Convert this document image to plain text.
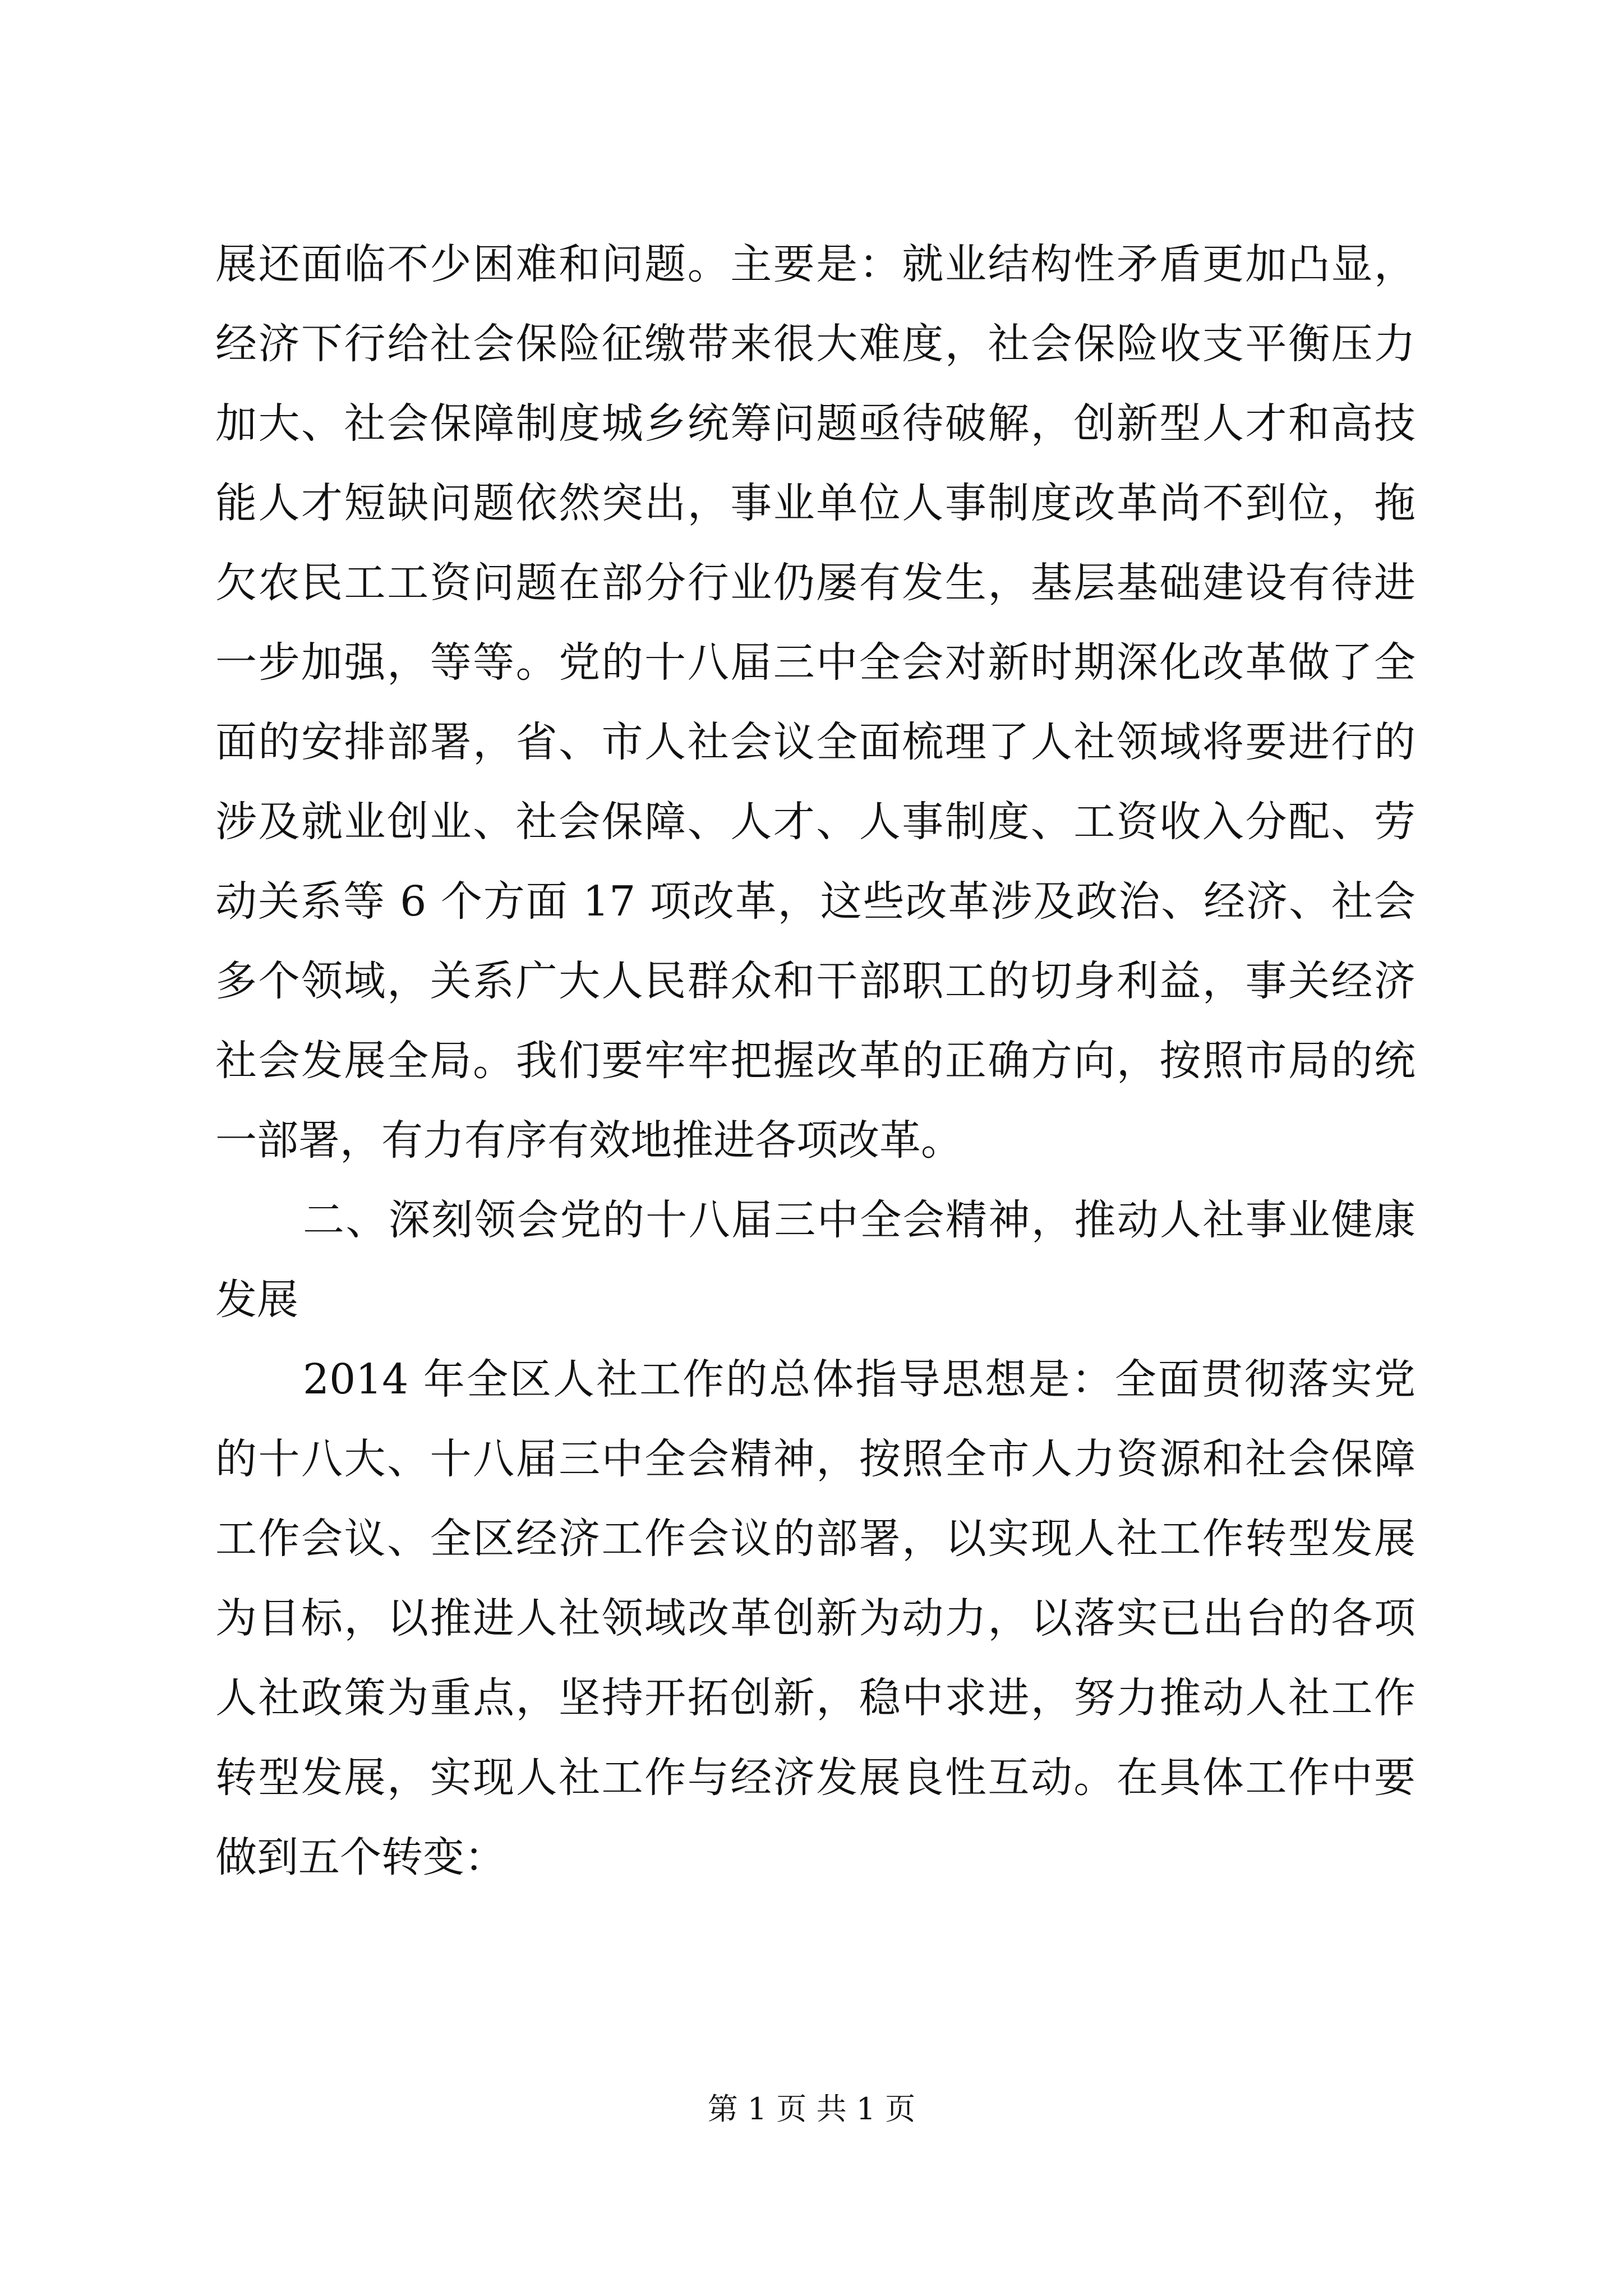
展还面临不少困难和问题。主要是：就业结构性矛盾更加凸显，
经济下行给社会保险征缴带来很大难度，社会保险收支平衡压力
加大、社会保障制度城乡统筹问题亟待破解，创新型人才和高技
能人才短缺问题依然突出，事业单位人事制度改革尚不到位，拖
欠农民工工资问题在部分行业仍屡有发生，基层基础建设有待进
一步加强，等等。党的十八届三中全会对新时期深化改革做了全
面的安排部署，省、市人社会议全面梳理了人社领域将要进行的
涉及就业创业、社会保障、人才、人事制度、工资收入分配、劳
动关系等 6 个方面 17 项改革，这些改革涉及政治、经济、社会
多个领域，关系广大人民群众和干部职工的切身利益，事关经济
社会发展全局。我们要牢牢把握改革的正确方向，按照市局的统
一部署，有力有序有效地推进各项改革。
二、深刻领会党的十八届三中全会精神，推动人社事业健康
发展
2014 年全区人社工作的总体指导思想是：全面贯彻落实党
的十八大、十八届三中全会精神，按照全市人力资源和社会保障
工作会议、全区经济工作会议的部署，以实现人社工作转型发展
为目标，以推进人社领域改革创新为动力，以落实已出台的各项
人社政策为重点，坚持开拓创新，稳中求进，努力推动人社工作
转型发展，实现人社工作与经济发展良性互动。在具体工作中要
做到五个转变：
第 1 页 共 1 页
